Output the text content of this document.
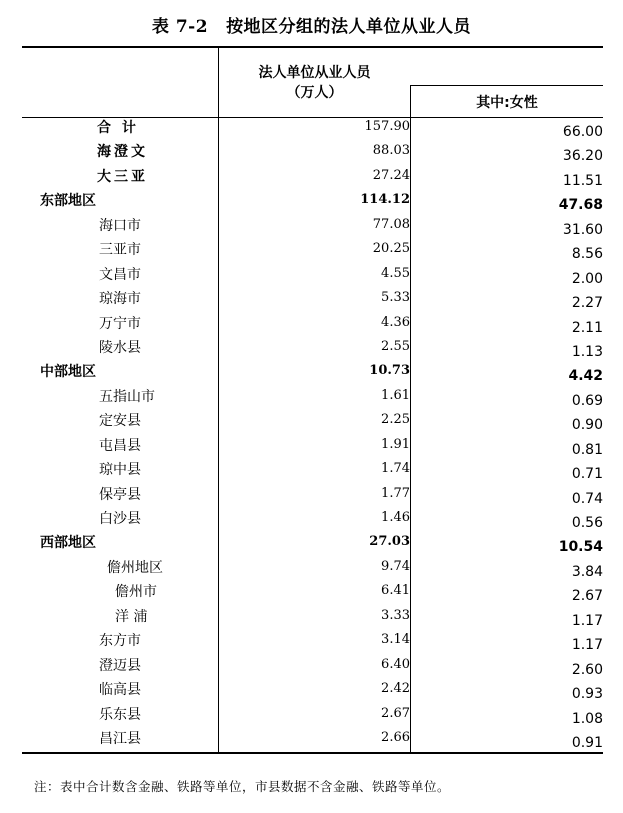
表 7-2 按地区分组的法人单位从业人员
法人单位从业人员
（万人）
其中:女性
合 计	157.90	66.00
海澄文	88.03	36.20
大三亚	27.24	11.51
东部地区	114.12	47.68
海口市	77.08	31.60
三亚市	20.25	8.56
文昌市	4.55	2.00
琼海市	5.33	2.27
万宁市	4.36	2.11
陵水县	2.55	1.13
中部地区	10.73	4.42
五指山市	1.61	0.69
定安县	2.25	0.90
屯昌县	1.91	0.81
琼中县	1.74	0.71
保亭县	1.77	0.74
白沙县	1.46	0.56
西部地区	27.03	10.54
儋州地区	9.74	3.84
儋州市	6.41	2.67
洋 浦	3.33	1.17
东方市	3.14	1.17
澄迈县	6.40	2.60
临高县	2.42	0.93
乐东县	2.67	1.08
昌江县	2.66	0.91
注：表中合计数含金融、铁路等单位，市县数据不含金融、铁路等单位。
